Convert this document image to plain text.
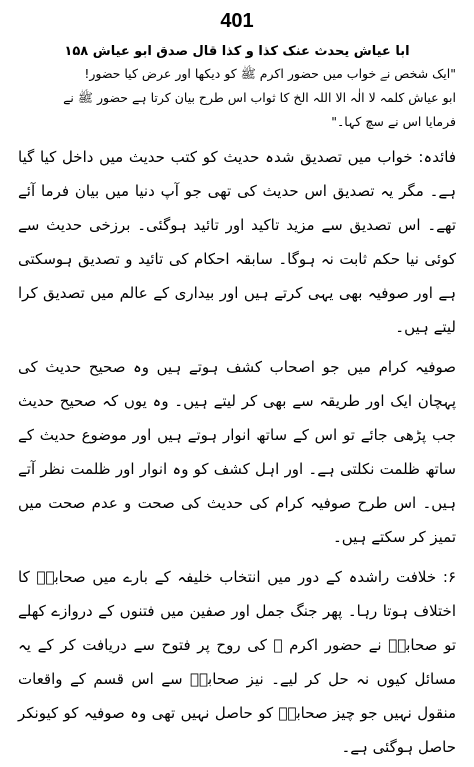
401
ابا عیاش یحدث عنک کذا و کذا قال صدق ابو عیاش ۱۵۸

"ایک شخص نے خواب میں حضور اکرم ﷺ کو دیکھا اور عرض کیا حضور!

ابو عیاش کلمہ لا الٰہ الا اللہ الخ کا ثواب اس طرح بیان کرتا ہے حضور ﷺ نے

فرمایا اس نے سچ کہا۔"

فائدہ: خواب میں تصدیق شدہ حدیث کو کتب حدیث میں داخل کیا گیا ہے۔ مگر یہ تصدیق اس حدیث کی تھی جو آپ دنیا میں بیان فرما آئے تھے۔ اس تصدیق سے مزید تاکید اور تائید ہوگئی۔ برزخی حدیث سے کوئی نیا حکم ثابت نہ ہوگا۔ سابقہ احکام کی تائید و تصدیق ہوسکتی ہے اور صوفیہ بھی یہی کرتے ہیں اور بیداری کے عالم میں تصدیق کرا لیتے ہیں۔

صوفیہ کرام میں جو اصحاب کشف ہوتے ہیں وہ صحیح حدیث کی پہچان ایک اور طریقہ سے بھی کر لیتے ہیں۔ وہ یوں کہ صحیح حدیث جب پڑھی جائے تو اس کے ساتھ انوار ہوتے ہیں اور موضوع حدیث کے ساتھ ظلمت نکلتی ہے۔ اور اہل کشف کو وہ انوار اور ظلمت نظر آتے ہیں۔ اس طرح صوفیہ کرام کی حدیث کی صحت و عدم صحت میں تمیز کر سکتے ہیں۔

۶: خلافت راشدہ کے دور میں انتخاب خلیفہ کے بارے میں صحابہؓ کا اختلاف ہوتا رہا۔ پھر جنگ جمل اور صفین میں فتنوں کے دروازے کھلے تو صحابہؓ نے حضور اکرم ﷺ کی روح پر فتوح سے دریافت کر کے یہ مسائل کیوں نہ حل کر لیے۔ نیز صحابہؓ سے اس قسم کے واقعات منقول نہیں جو چیز صحابہؓ کو حاصل نہیں تھی وہ صوفیہ کو کیونکر حاصل ہوگئی ہے۔
